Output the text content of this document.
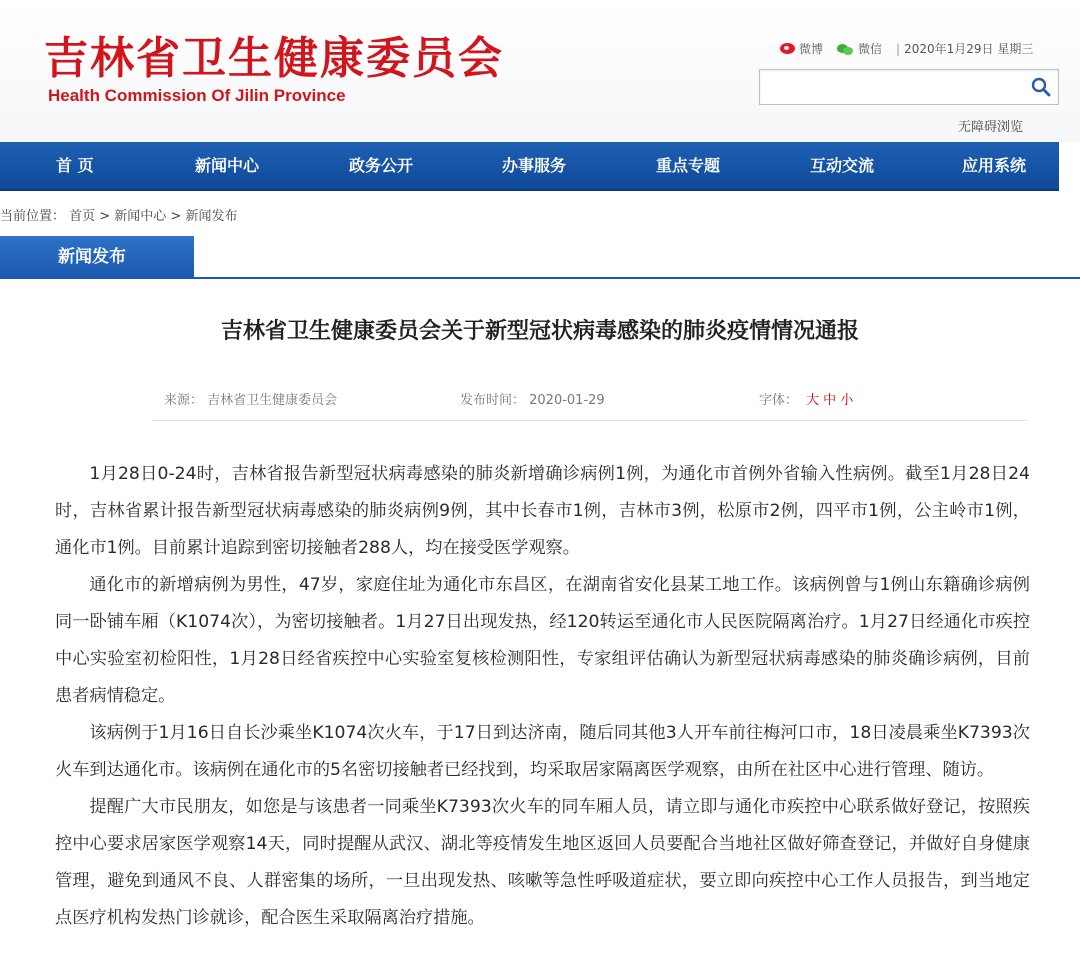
吉林省卫生健康委员会
Health Commission Of Jilin Province
微博	微信 | 2020年1月29日 星期三
无障碍浏览
首 页	新闻中心	政务公开	办事服务	重点专题	互动交流	应用系统
当前位置： 首页 > 新闻中心 > 新闻发布
新闻发布
吉林省卫生健康委员会关于新型冠状病毒感染的肺炎疫情情况通报
来源： 吉林省卫生健康委员会	发布时间： 2020-01-29	字体： 大 中 小

1月28日0-24时，吉林省报告新型冠状病毒感染的肺炎新增确诊病例1例，为通化市首例外省输入性病例。截至1月28日24时，吉林省累计报告新型冠状病毒感染的肺炎病例9例，其中长春市1例，吉林市3例，松原市2例，四平市1例，公主岭市1例，通化市1例。目前累计追踪到密切接触者288人，均在接受医学观察。

通化市的新增病例为男性，47岁，家庭住址为通化市东昌区，在湖南省安化县某工地工作。该病例曾与1例山东籍确诊病例同一卧铺车厢（K1074次），为密切接触者。1月27日出现发热，经120转运至通化市人民医院隔离治疗。1月27日经通化市疾控中心实验室初检阳性，1月28日经省疾控中心实验室复核检测阳性，专家组评估确认为新型冠状病毒感染的肺炎确诊病例，目前患者病情稳定。

该病例于1月16日自长沙乘坐K1074次火车，于17日到达济南，随后同其他3人开车前往梅河口市，18日凌晨乘坐K7393次火车到达通化市。该病例在通化市的5名密切接触者已经找到，均采取居家隔离医学观察，由所在社区中心进行管理、随访。

提醒广大市民朋友，如您是与该患者一同乘坐K7393次火车的同车厢人员，请立即与通化市疾控中心联系做好登记，按照疾控中心要求居家医学观察14天，同时提醒从武汉、湖北等疫情发生地区返回人员要配合当地社区做好筛查登记，并做好自身健康管理，避免到通风不良、人群密集的场所，一旦出现发热、咳嗽等急性呼吸道症状，要立即向疾控中心工作人员报告，到当地定点医疗机构发热门诊就诊，配合医生采取隔离治疗措施。
